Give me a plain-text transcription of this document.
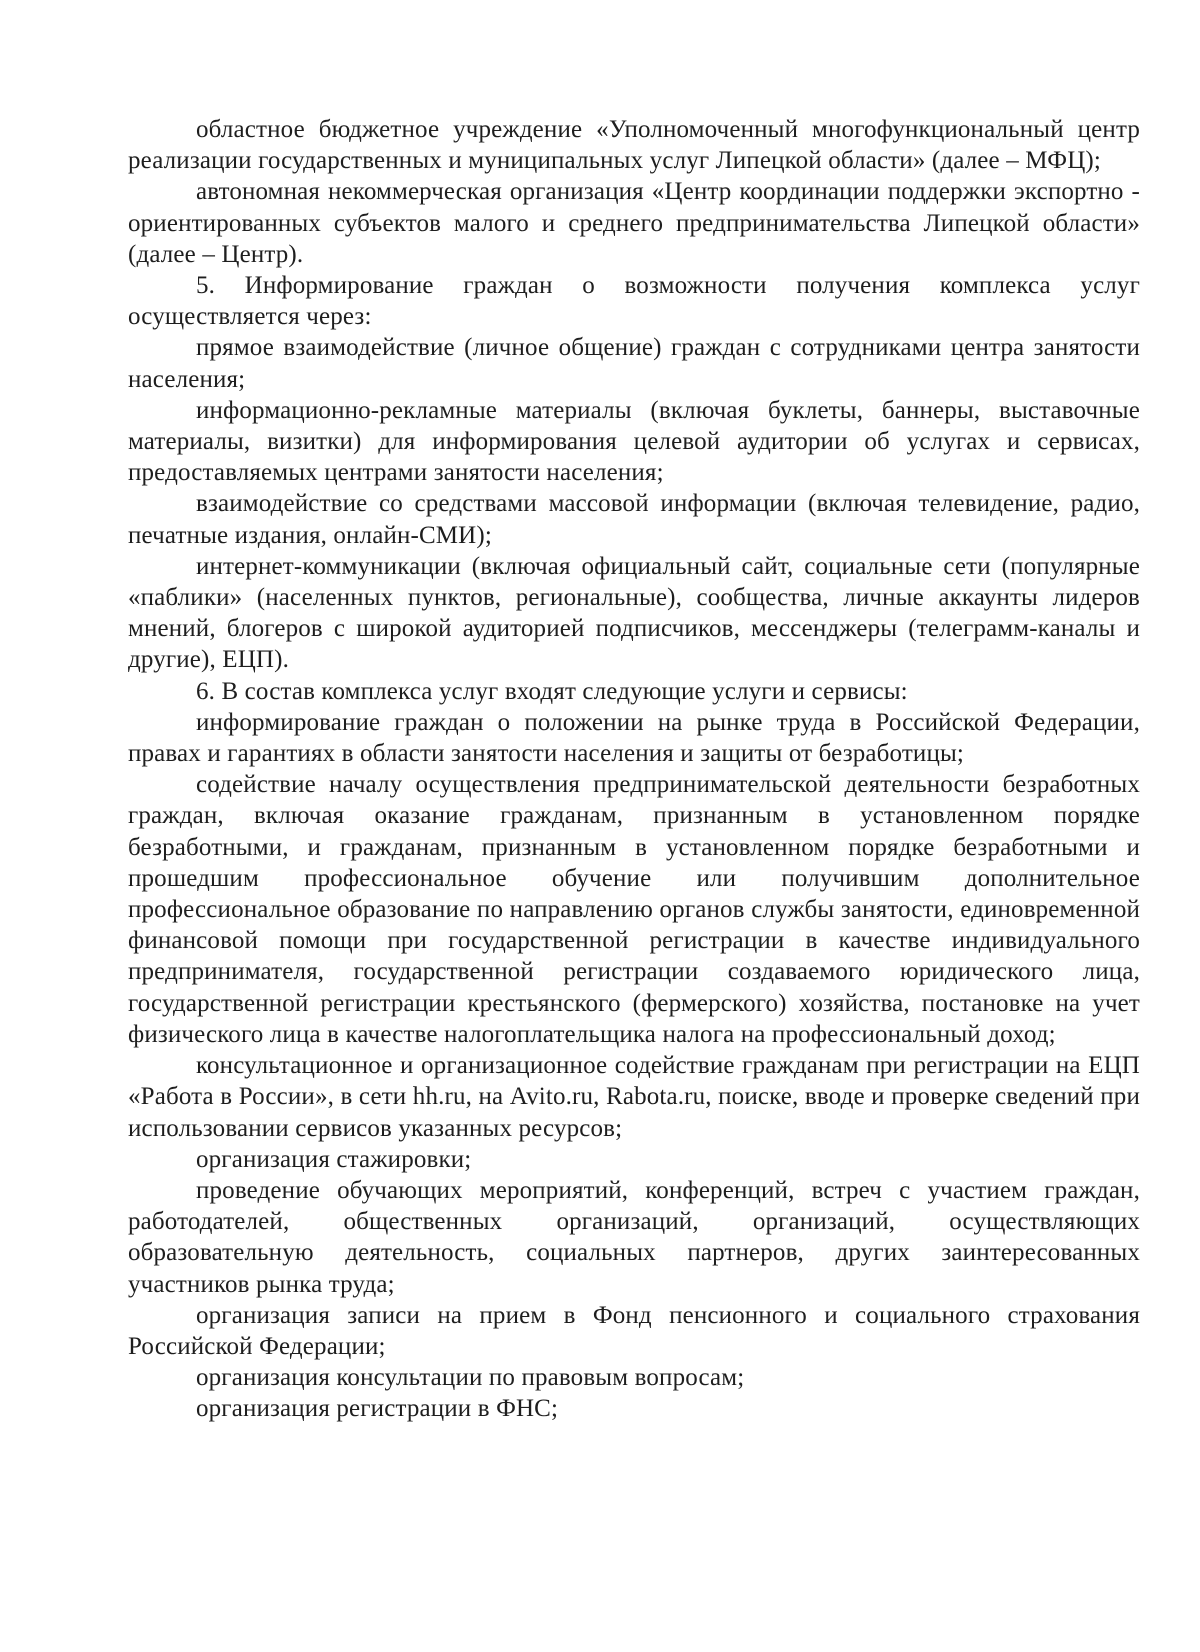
областное бюджетное учреждение «Уполномоченный многофункциональный центр реализации государственных и муниципальных услуг Липецкой области» (далее – МФЦ);

автономная некоммерческая организация «Центр координации поддержки экспортно - ориентированных субъектов малого и среднего предпринимательства Липецкой области» (далее – Центр).

5. Информирование граждан о возможности получения комплекса услуг осуществляется через:

прямое взаимодействие (личное общение) граждан с сотрудниками центра занятости населения;

информационно-рекламные материалы (включая буклеты, баннеры, выставочные материалы, визитки) для информирования целевой аудитории об услугах и сервисах, предоставляемых центрами занятости населения;

взаимодействие со средствами массовой информации (включая телевидение, радио, печатные издания, онлайн-СМИ);

интернет-коммуникации (включая официальный сайт, социальные сети (популярные «паблики» (населенных пунктов, региональные), сообщества, личные аккаунты лидеров мнений, блогеров с широкой аудиторией подписчиков, мессенджеры (телеграмм-каналы и другие), ЕЦП).

6. В состав комплекса услуг входят следующие услуги и сервисы:

информирование граждан о положении на рынке труда в Российской Федерации, правах и гарантиях в области занятости населения и защиты от безработицы;

содействие началу осуществления предпринимательской деятельности безработных граждан, включая оказание гражданам, признанным в установленном порядке безработными, и гражданам, признанным в установленном порядке безработными и прошедшим профессиональное обучение или получившим дополнительное профессиональное образование по направлению органов службы занятости, единовременной финансовой помощи при государственной регистрации в качестве индивидуального предпринимателя, государственной регистрации создаваемого юридического лица, государственной регистрации крестьянского (фермерского) хозяйства, постановке на учет физического лица в качестве налогоплательщика налога на профессиональный доход;

консультационное и организационное содействие гражданам при регистрации на ЕЦП «Работа в России», в сети hh.ru, на Avito.ru, Rabota.ru, поиске, вводе и проверке сведений при использовании сервисов указанных ресурсов;

организация стажировки;

проведение обучающих мероприятий, конференций, встреч с участием граждан, работодателей, общественных организаций, организаций, осуществляющих образовательную деятельность, социальных партнеров, других заинтересованных участников рынка труда;

организация записи на прием в Фонд пенсионного и социального страхования Российской Федерации;

организация консультации по правовым вопросам;

организация регистрации в ФНС;
